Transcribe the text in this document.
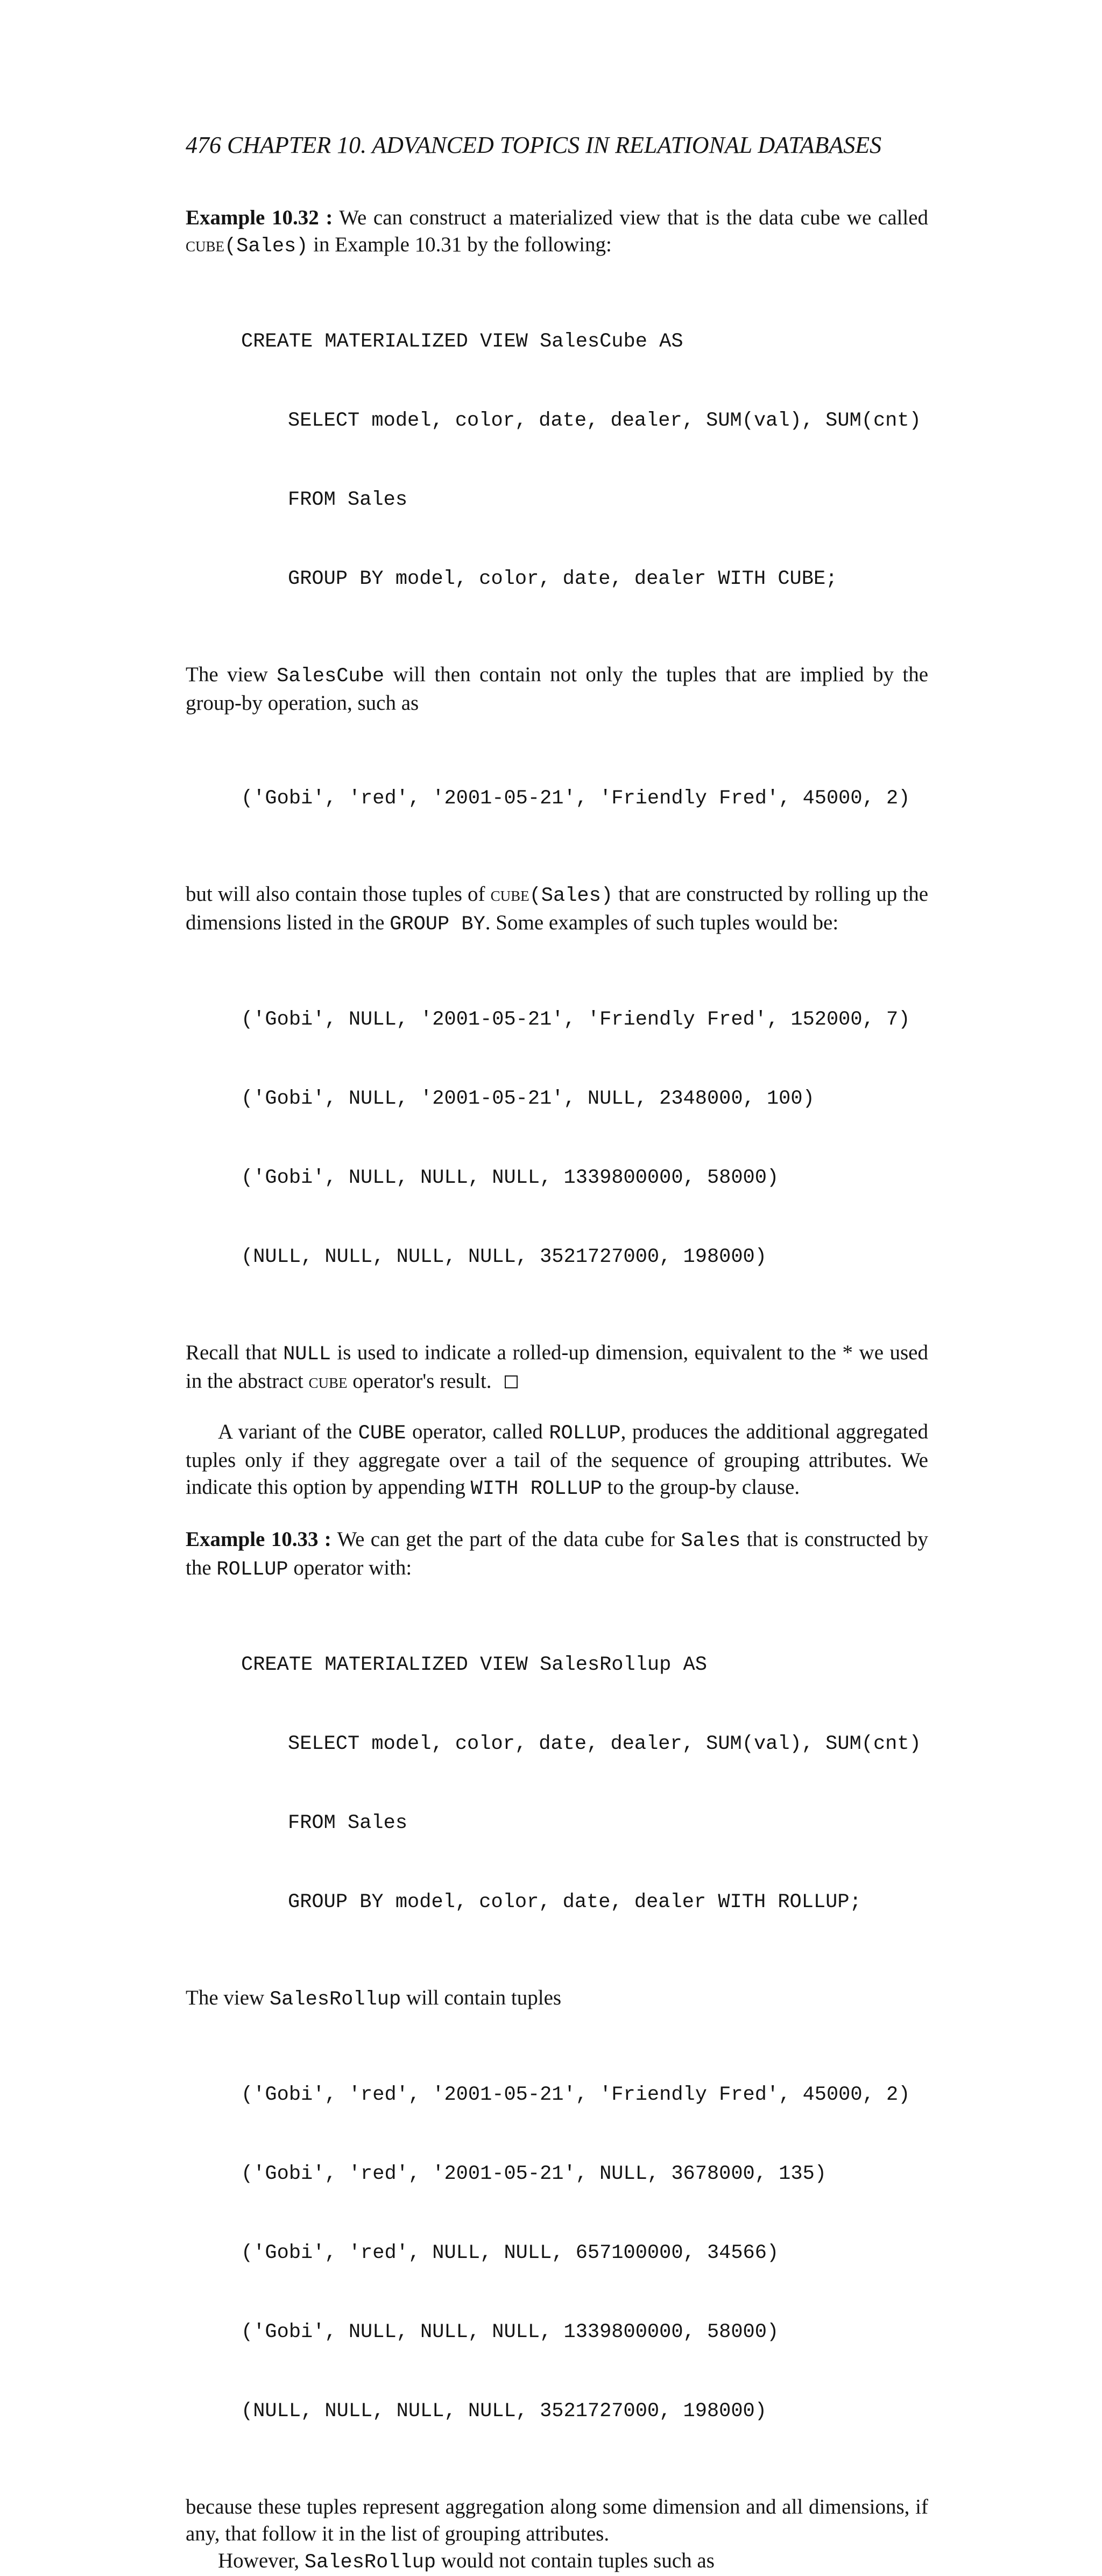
476 CHAPTER 10. ADVANCED TOPICS IN RELATIONAL DATABASES

Example 10.32 : We can construct a materialized view that is the data cube we called cube(Sales) in Example 10.31 by the following:

CREATE MATERIALIZED VIEW SalesCube AS

SELECT model, color, date, dealer, SUM(val), SUM(cnt)

FROM Sales

GROUP BY model, color, date, dealer WITH CUBE;

The view SalesCube will then contain not only the tuples that are implied by the group-by operation, such as

('Gobi', 'red', '2001-05-21', 'Friendly Fred', 45000, 2)

but will also contain those tuples of cube(Sales) that are constructed by rolling up the dimensions listed in the GROUP BY. Some examples of such tuples would be:

('Gobi', NULL, '2001-05-21', 'Friendly Fred', 152000, 7)

('Gobi', NULL, '2001-05-21', NULL, 2348000, 100)

('Gobi', NULL, NULL, NULL, 1339800000, 58000)

(NULL, NULL, NULL, NULL, 3521727000, 198000)

Recall that NULL is used to indicate a rolled-up dimension, equivalent to the * we used in the abstract cube operator's result.

A variant of the CUBE operator, called ROLLUP, produces the additional aggregated tuples only if they aggregate over a tail of the sequence of grouping attributes. We indicate this option by appending WITH ROLLUP to the group-by clause.

Example 10.33 : We can get the part of the data cube for Sales that is constructed by the ROLLUP operator with:

CREATE MATERIALIZED VIEW SalesRollup AS

SELECT model, color, date, dealer, SUM(val), SUM(cnt)

FROM Sales

GROUP BY model, color, date, dealer WITH ROLLUP;

The view SalesRollup will contain tuples

('Gobi', 'red', '2001-05-21', 'Friendly Fred', 45000, 2)

('Gobi', 'red', '2001-05-21', NULL, 3678000, 135)

('Gobi', 'red', NULL, NULL, 657100000, 34566)

('Gobi', NULL, NULL, NULL, 1339800000, 58000)

(NULL, NULL, NULL, NULL, 3521727000, 198000)

because these tuples represent aggregation along some dimension and all dimensions, if any, that follow it in the list of grouping attributes.

However, SalesRollup would not contain tuples such as
